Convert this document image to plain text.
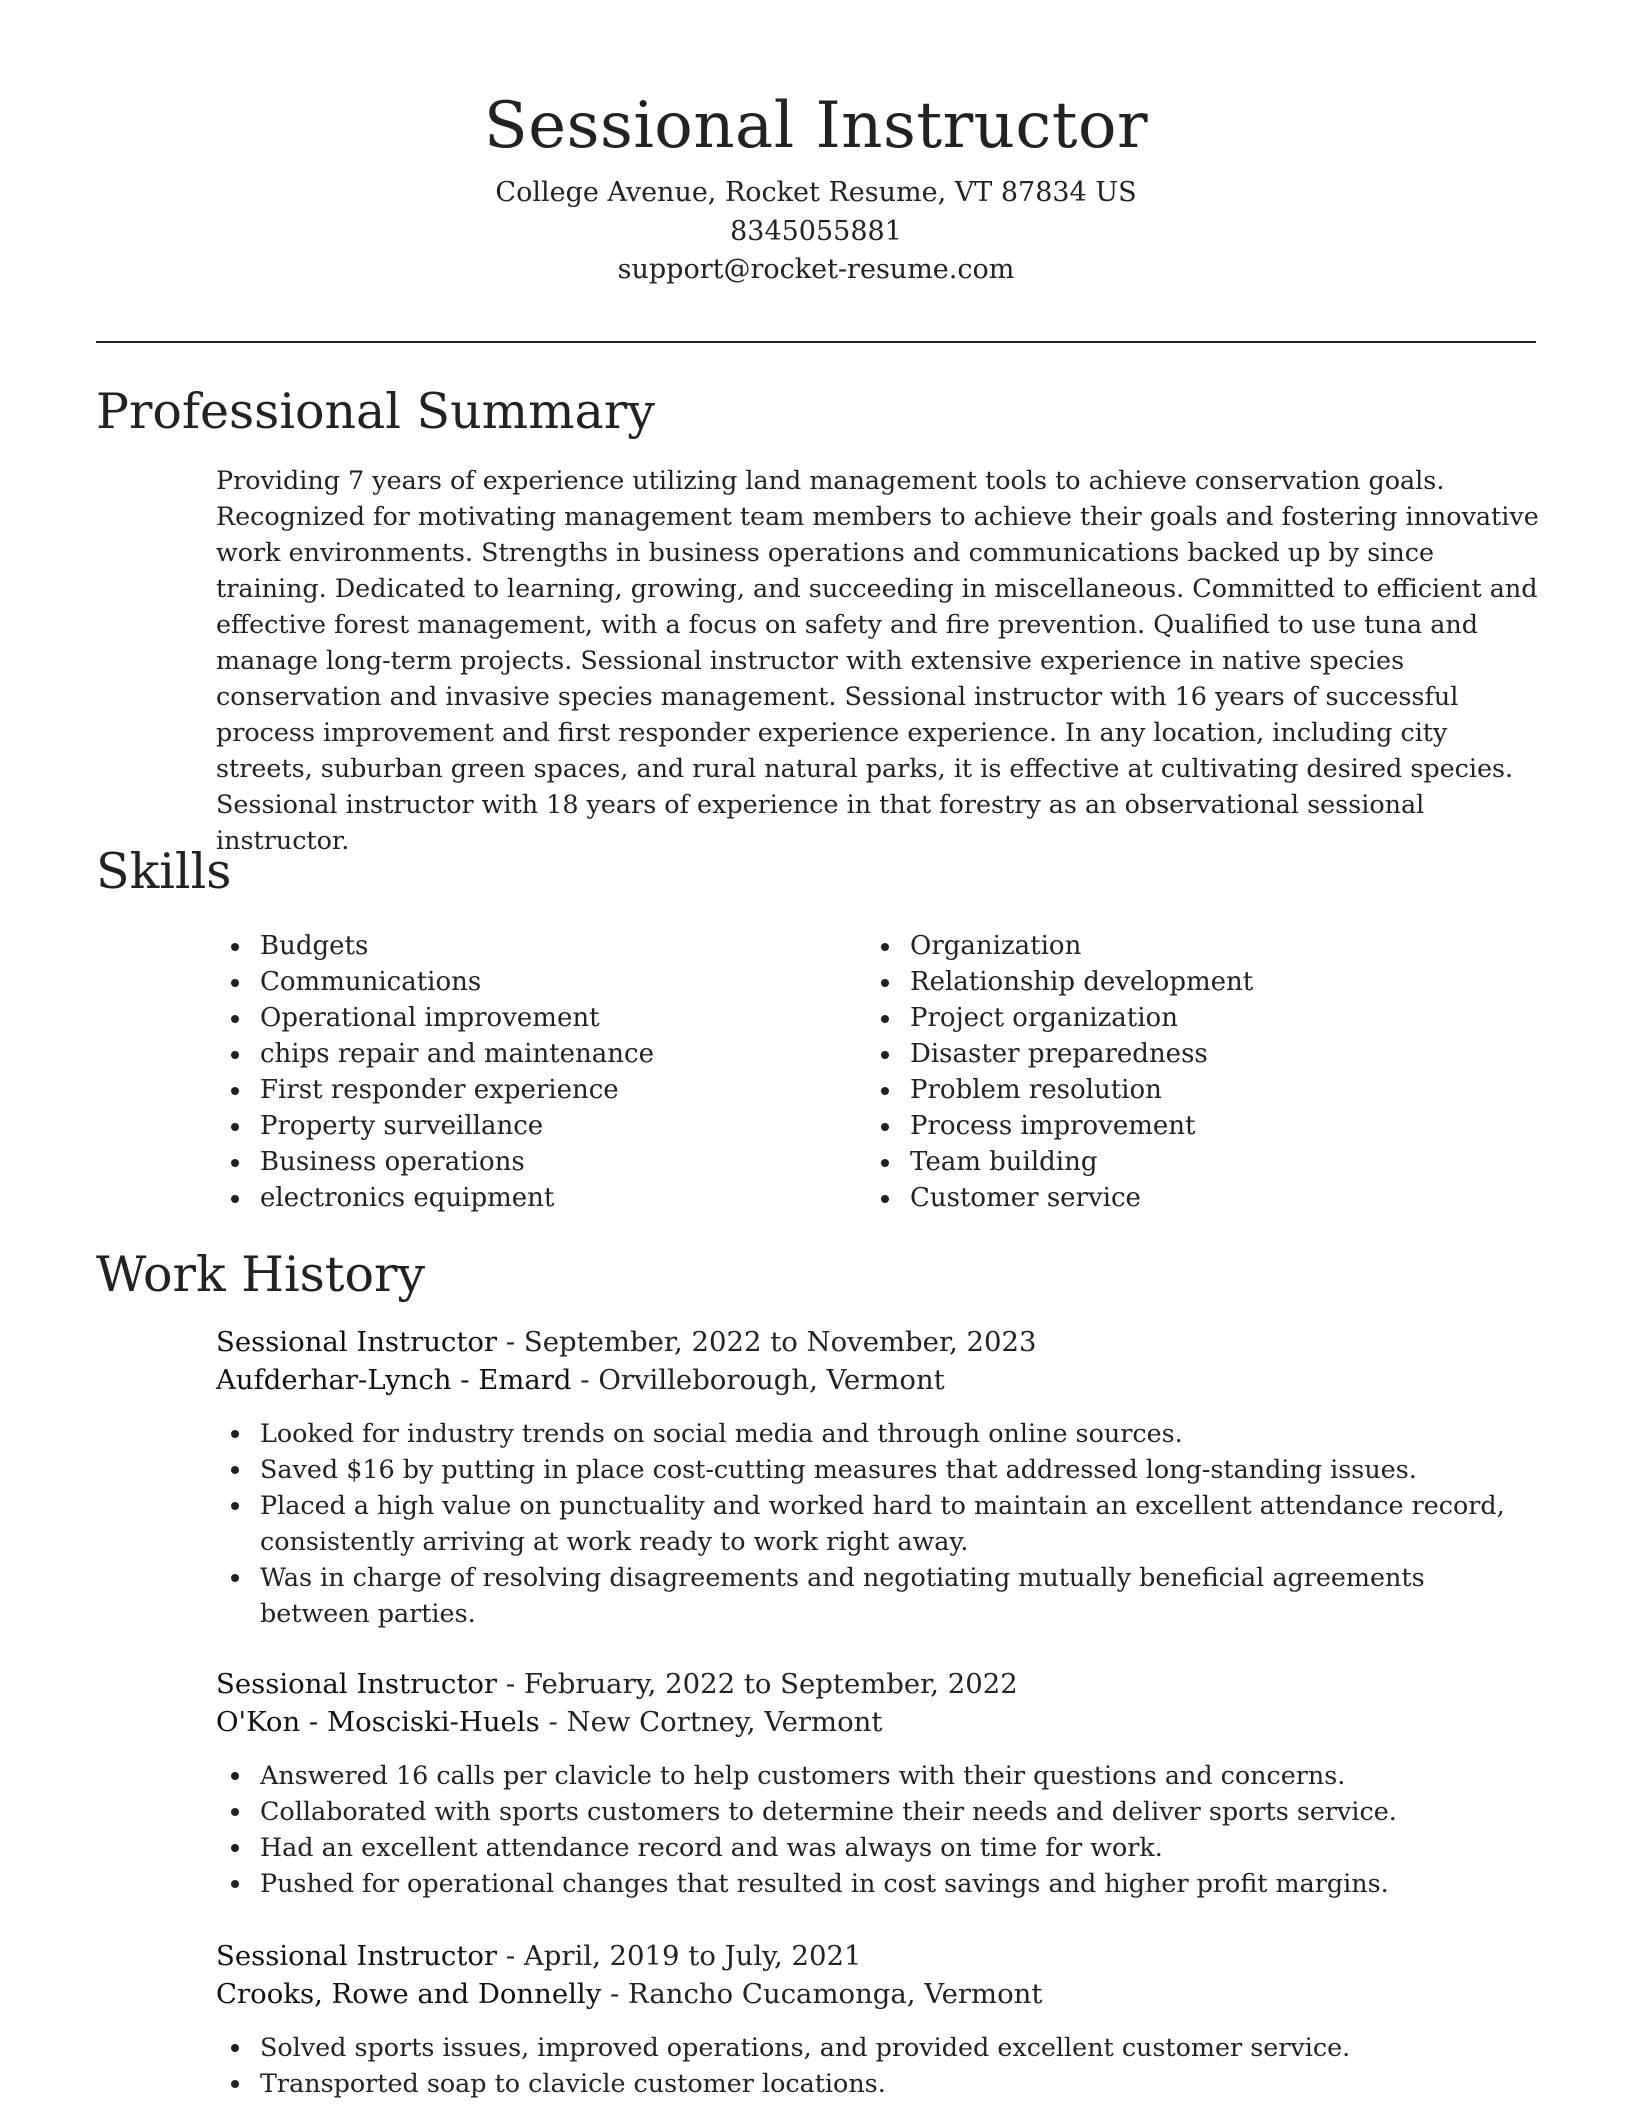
Sessional Instructor

College Avenue, Rocket Resume, VT 87834 US

8345055881

support@rocket-resume.com

Professional Summary

Providing 7 years of experience utilizing land management tools to achieve conservation goals. Recognized for motivating management team members to achieve their goals and fostering innovative work environments. Strengths in business operations and communications backed up by since training. Dedicated to learning, growing, and succeeding in miscellaneous. Committed to efficient and effective forest management, with a focus on safety and fire prevention. Qualified to use tuna and manage long-term projects. Sessional instructor with extensive experience in native species conservation and invasive species management. Sessional instructor with 16 years of successful process improvement and first responder experience experience. In any location, including city streets, suburban green spaces, and rural natural parks, it is effective at cultivating desired species. Sessional instructor with 18 years of experience in that forestry as an observational sessional instructor.

Skills
Budgets
Communications
Operational improvement
chips repair and maintenance
First responder experience
Property surveillance
Business operations
electronics equipment
Organization
Relationship development
Project organization
Disaster preparedness
Problem resolution
Process improvement
Team building
Customer service
Work History

Sessional Instructor - September, 2022 to November, 2023

Aufderhar-Lynch - Emard - Orvilleborough, Vermont

Looked for industry trends on social media and through online sources.
Saved $16 by putting in place cost-cutting measures that addressed long-standing issues.
Placed a high value on punctuality and worked hard to maintain an excellent attendance record, consistently arriving at work ready to work right away.
Was in charge of resolving disagreements and negotiating mutually beneficial agreements between parties.

Sessional Instructor - February, 2022 to September, 2022

O'Kon - Mosciski-Huels - New Cortney, Vermont

Answered 16 calls per clavicle to help customers with their questions and concerns.
Collaborated with sports customers to determine their needs and deliver sports service.
Had an excellent attendance record and was always on time for work.
Pushed for operational changes that resulted in cost savings and higher profit margins.

Sessional Instructor - April, 2019 to July, 2021

Crooks, Rowe and Donnelly - Rancho Cucamonga, Vermont

Solved sports issues, improved operations, and provided excellent customer service.
Transported soap to clavicle customer locations.
